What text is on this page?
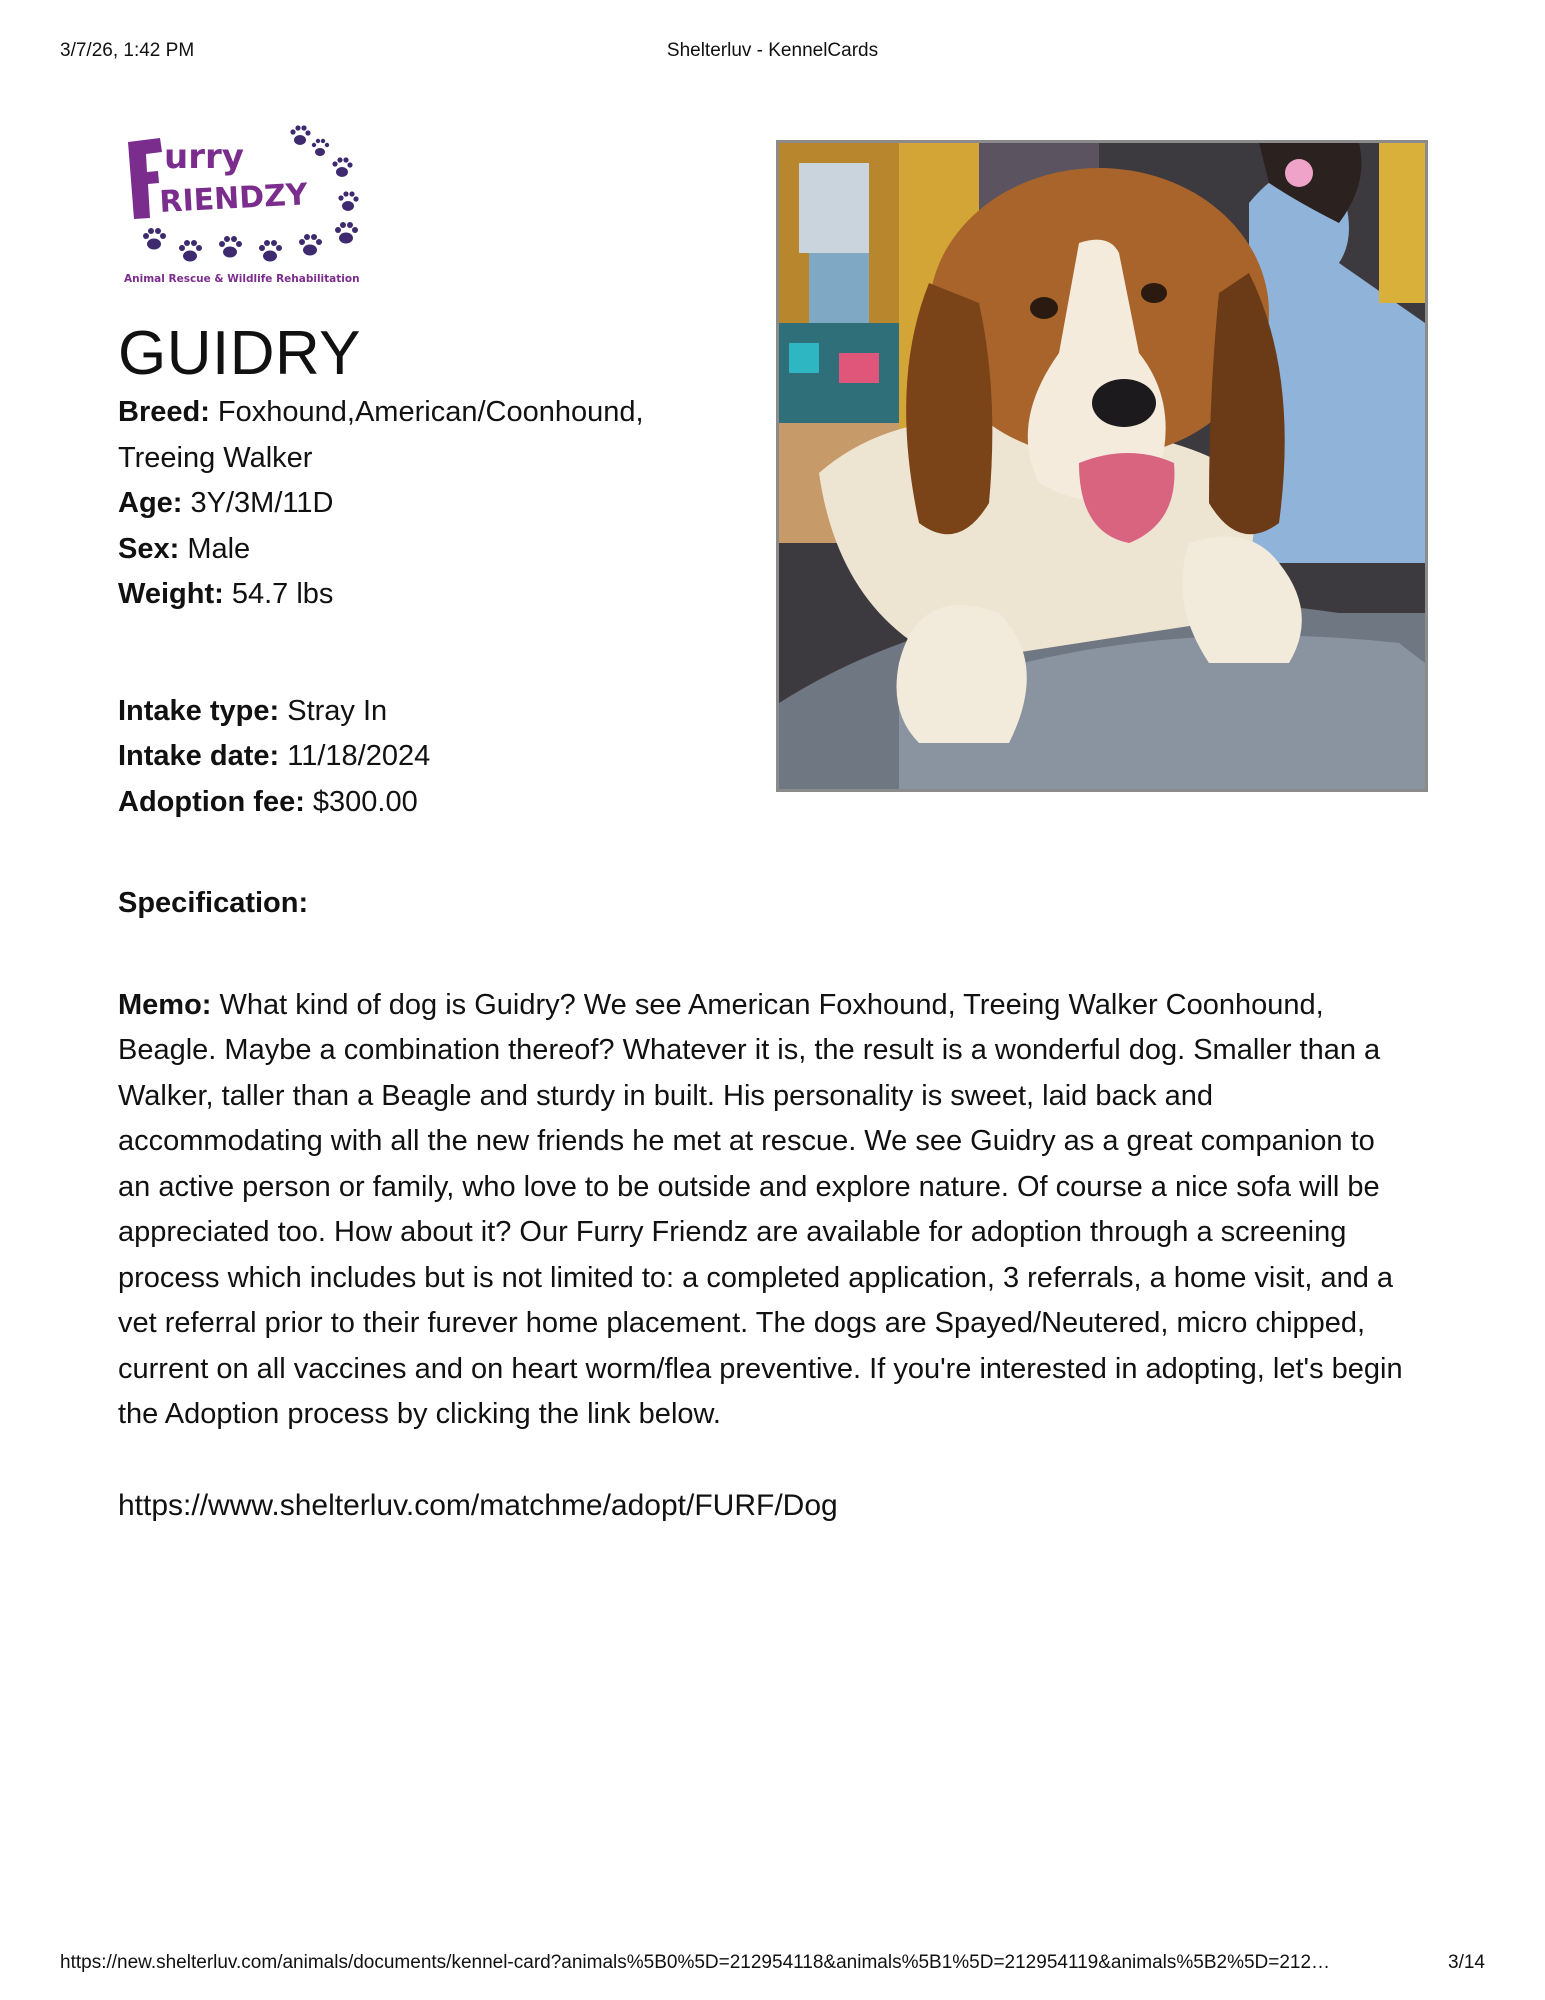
3/7/26, 1:42 PM	Shelterluv - KennelCards
urry
RIENDZY
Animal Rescue & Wildlife Rehabilitation
GUIDRY
Breed: Foxhound,American/Coonhound, Treeing Walker
Age: 3Y/3M/11D
Sex: Male
Weight: 54.7 lbs
Intake type: Stray In
Intake date: 11/18/2024
Adoption fee: $300.00
Specification:
Memo: What kind of dog is Guidry? We see American Foxhound, Treeing Walker Coonhound, Beagle. Maybe a combination thereof? Whatever it is, the result is a wonderful dog. Smaller than a Walker, taller than a Beagle and sturdy in built. His personality is sweet, laid back and accommodating with all the new friends he met at rescue. We see Guidry as a great companion to an active person or family, who love to be outside and explore nature. Of course a nice sofa will be appreciated too. How about it? Our Furry Friendz are available for adoption through a screening process which includes but is not limited to: a completed application, 3 referrals, a home visit, and a vet referral prior to their furever home placement. The dogs are Spayed/Neutered, micro chipped, current on all vaccines and on heart worm/flea preventive. If you're interested in adopting, let's begin the Adoption process by clicking the link below.
https://www.shelterluv.com/matchme/adopt/FURF/Dog
https://new.shelterluv.com/animals/documents/kennel-card?animals%5B0%5D=212954118&animals%5B1%5D=212954119&animals%5B2%5D=212…	3/14
